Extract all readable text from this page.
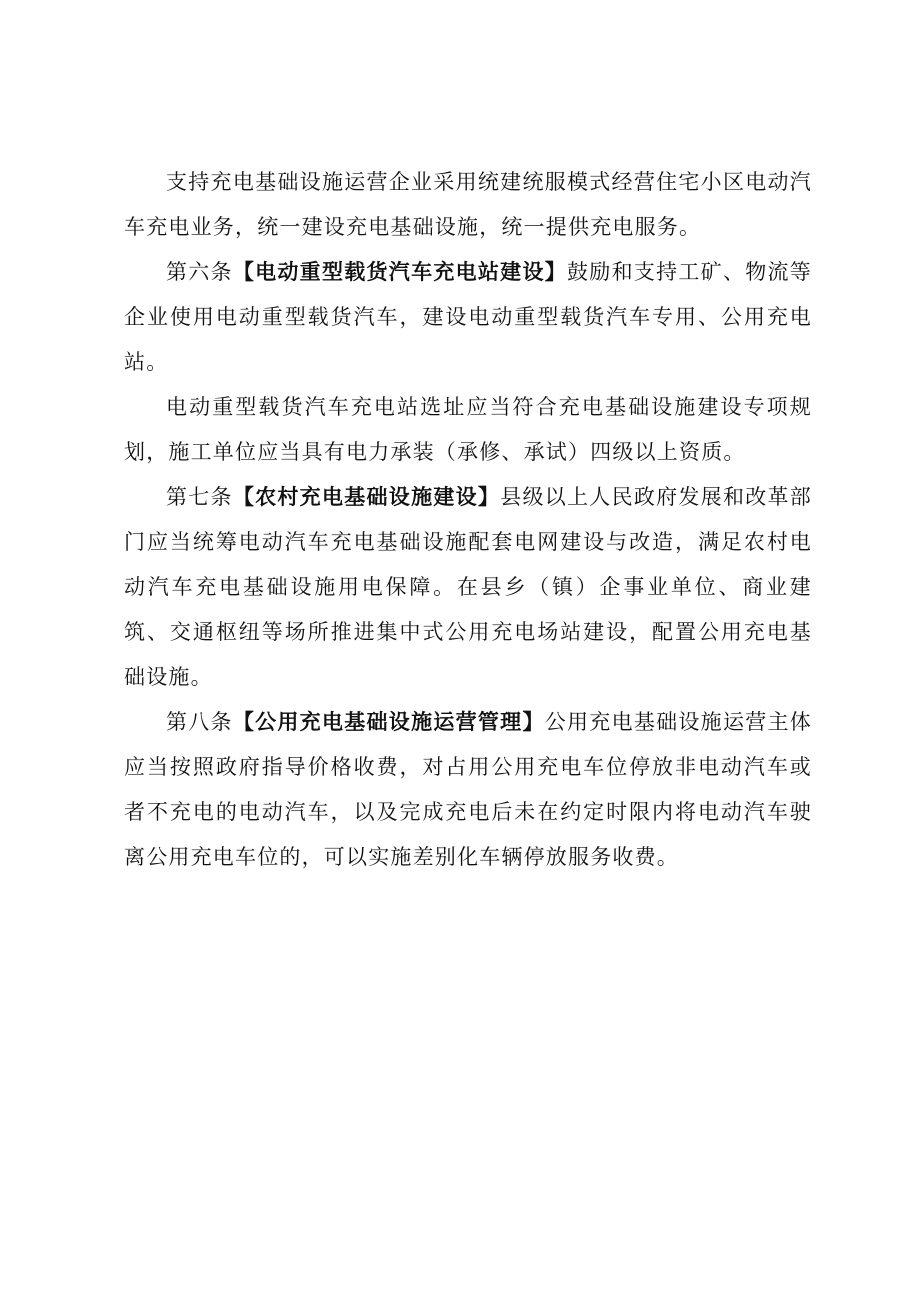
支持充电基础设施运营企业采用统建统服模式经营住宅小区电动汽车充电业务，统一建设充电基础设施，统一提供充电服务。

第六条【电动重型载货汽车充电站建设】鼓励和支持工矿、物流等企业使用电动重型载货汽车，建设电动重型载货汽车专用、公用充电站。

电动重型载货汽车充电站选址应当符合充电基础设施建设专项规划，施工单位应当具有电力承装（承修、承试）四级以上资质。

第七条【农村充电基础设施建设】县级以上人民政府发展和改革部门应当统筹电动汽车充电基础设施配套电网建设与改造，满足农村电动汽车充电基础设施用电保障。在县乡（镇）企事业单位、商业建筑、交通枢纽等场所推进集中式公用充电场站建设，配置公用充电基础设施。

第八条【公用充电基础设施运营管理】公用充电基础设施运营主体应当按照政府指导价格收费，对占用公用充电车位停放非电动汽车或者不充电的电动汽车，以及完成充电后未在约定时限内将电动汽车驶离公用充电车位的，可以实施差别化车辆停放服务收费。
